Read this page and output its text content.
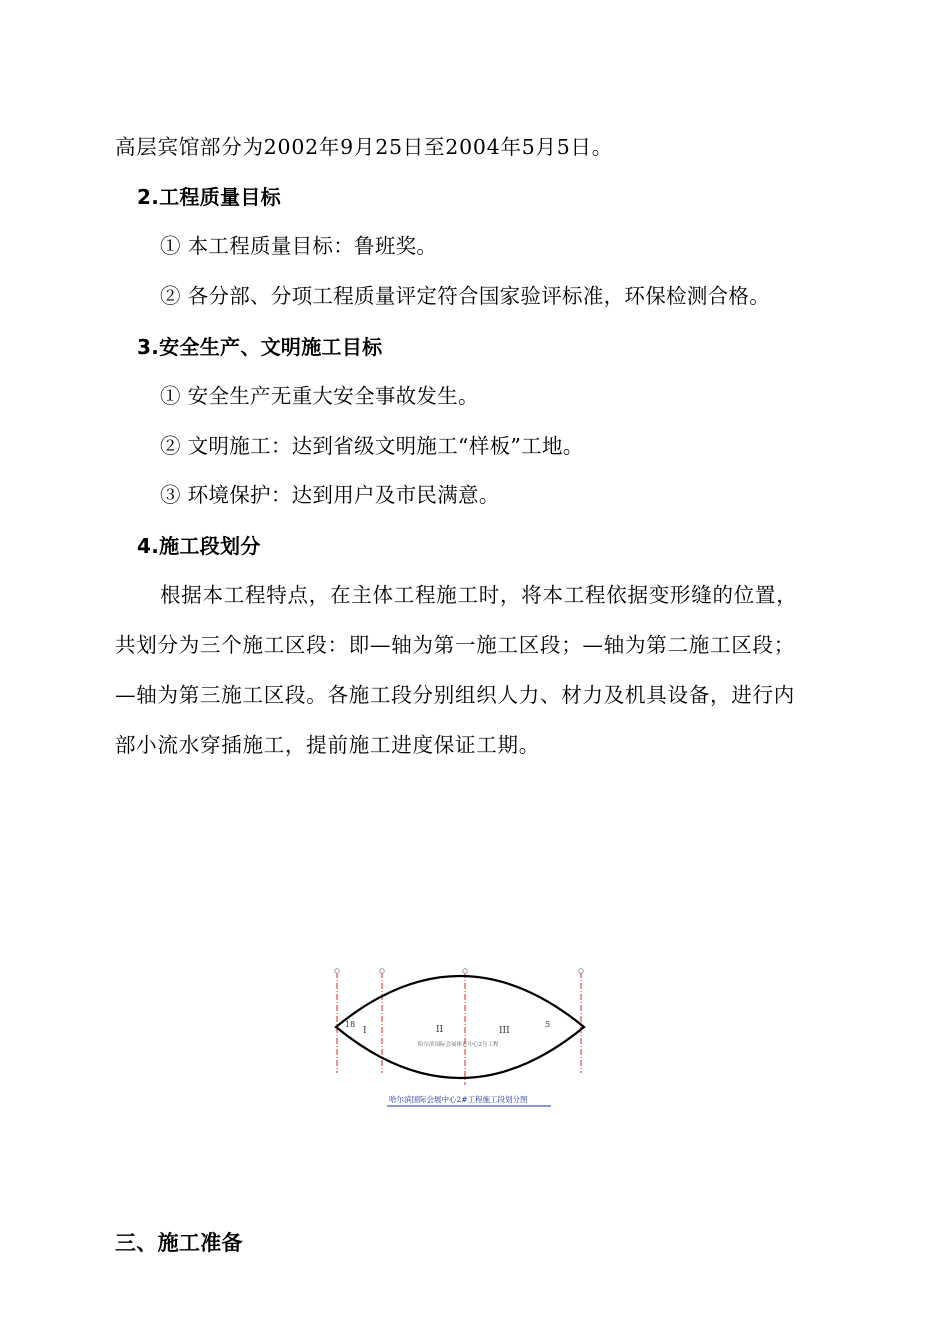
高层宾馆部分为2002年9月25日至2004年5月5日。
2.工程质量目标
① 本工程质量目标：鲁班奖。
② 各分部、分项工程质量评定符合国家验评标准，环保检测合格。
3.安全生产、文明施工目标
① 安全生产无重大安全事故发生。
② 文明施工：达到省级文明施工“样板”工地。
③ 环境保护：达到用户及市民满意。
4.施工段划分
根据本工程特点，在主体工程施工时，将本工程依据变形缝的位置，
共划分为三个施工区段：即—轴为第一施工区段；—轴为第二施工区段；
—轴为第三施工区段。各施工段分别组织人力、材力及机具设备，进行内
部小流水穿插施工，提前施工进度保证工期。
18	5
I	II	III
哈尔滨国际会展体育中心2号工程
哈尔滨国际会展中心2#工程施工段划分图
三、施工准备
